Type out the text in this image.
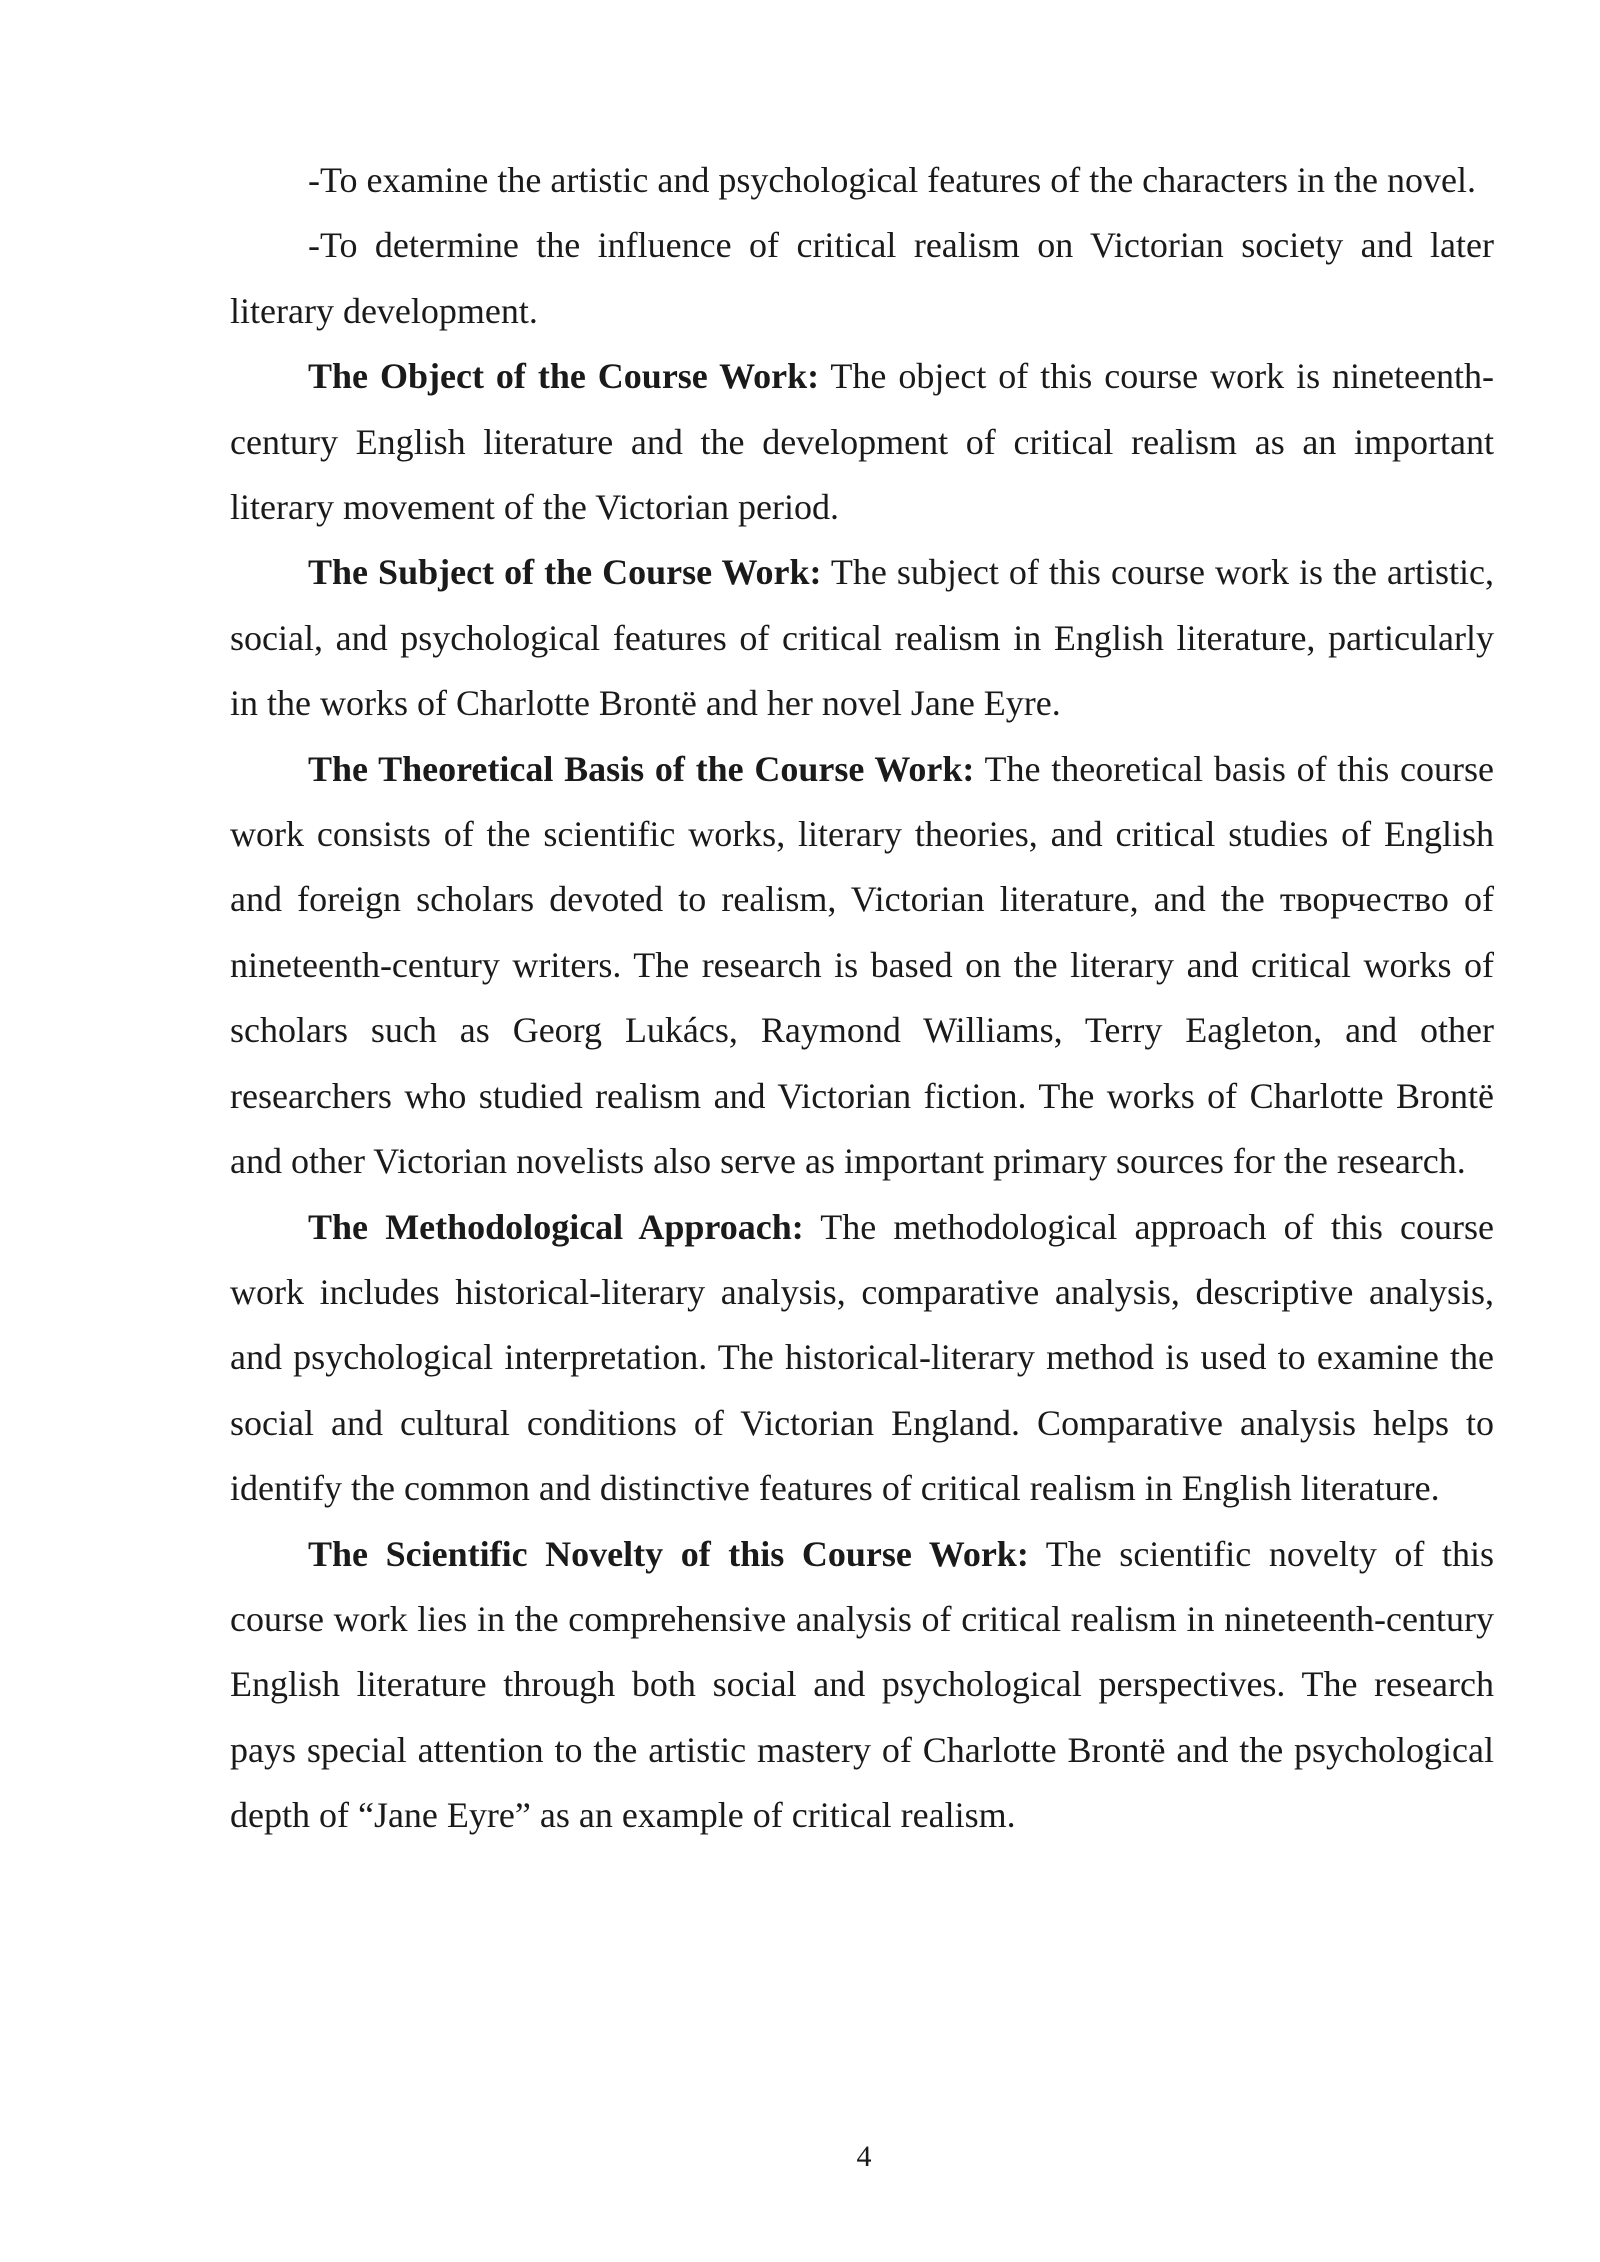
-To examine the artistic and psychological features of the characters in the novel.

-To determine the influence of critical realism on Victorian society and later literary development.

The Object of the Course Work: The object of this course work is nineteenth-century English literature and the development of critical realism as an important literary movement of the Victorian period.

The Subject of the Course Work: The subject of this course work is the artistic, social, and psychological features of critical realism in English literature, particularly in the works of Charlotte Brontë and her novel Jane Eyre.

The Theoretical Basis of the Course Work: The theoretical basis of this course work consists of the scientific works, literary theories, and critical studies of English and foreign scholars devoted to realism, Victorian literature, and the творчество of nineteenth-century writers. The research is based on the literary and critical works of scholars such as Georg Lukács, Raymond Williams, Terry Eagleton, and other researchers who studied realism and Victorian fiction. The works of Charlotte Brontë and other Victorian novelists also serve as important primary sources for the research.

The Methodological Approach: The methodological approach of this course work includes historical-literary analysis, comparative analysis, descriptive analysis, and psychological interpretation. The historical-literary method is used to examine the social and cultural conditions of Victorian England. Comparative analysis helps to identify the common and distinctive features of critical realism in English literature.

The Scientific Novelty of this Course Work: The scientific novelty of this course work lies in the comprehensive analysis of critical realism in nineteenth-century English literature through both social and psychological perspectives. The research pays special attention to the artistic mastery of Charlotte Brontë and the psychological depth of “Jane Eyre” as an example of critical realism.

4
